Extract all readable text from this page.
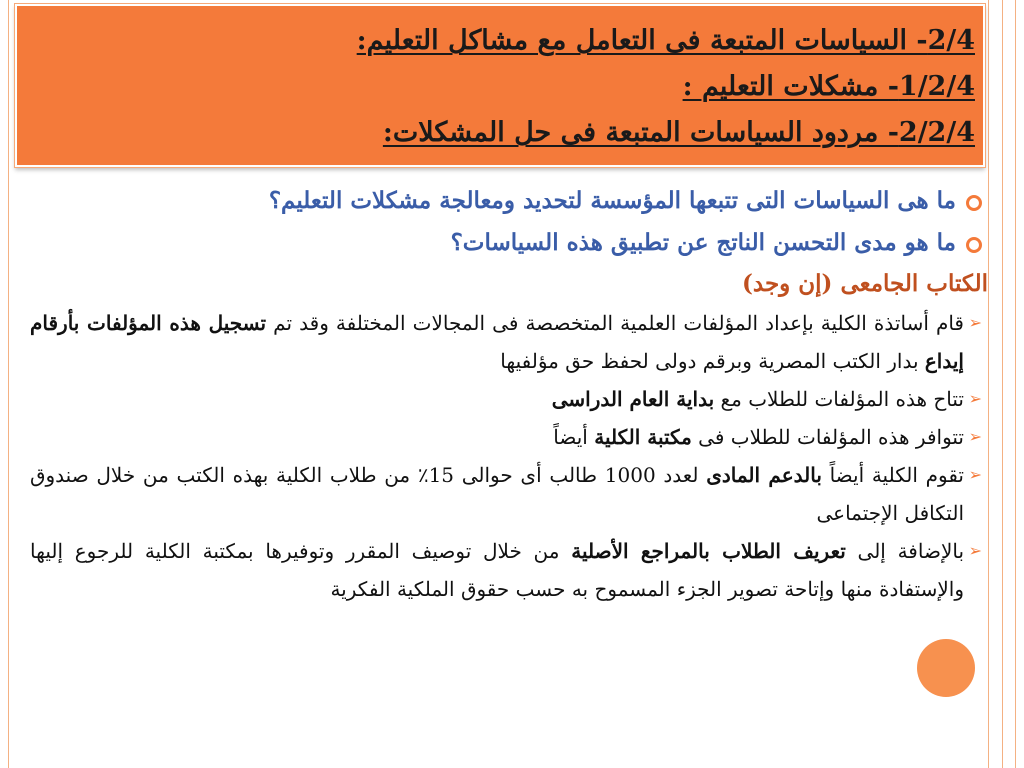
2/4- السياسات المتبعة فى التعامل مع مشاكل التعليم:
1/2/4- مشكلات التعليم :
2/2/4- مردود السياسات المتبعة فى حل المشكلات:
ما هى السياسات التى تتبعها المؤسسة لتحديد ومعالجة مشكلات التعليم؟
ما هو مدى التحسن الناتج عن تطبيق هذه السياسات؟
الكتاب الجامعى (إن وجد)
➢
قام أساتذة الكلية بإعداد المؤلفات العلمية المتخصصة فى المجالات المختلفة وقد تم تسجيل هذه المؤلفات بأرقام إيداع بدار الكتب المصرية وبرقم دولى لحفظ حق مؤلفيها
➢
تتاح هذه المؤلفات للطلاب مع بداية العام الدراسى
➢
تتوافر هذه المؤلفات للطلاب فى مكتبة الكلية أيضاً
➢
تقوم الكلية أيضاً بالدعم المادى لعدد 1000 طالب أى حوالى 15٪ من طلاب الكلية بهذه الكتب من خلال صندوق التكافل الإجتماعى
➢
بالإضافة إلى تعريف الطلاب بالمراجع الأصلية من خلال توصيف المقرر وتوفيرها بمكتبة الكلية للرجوع إليها والإستفادة منها وإتاحة تصوير الجزء المسموح به حسب حقوق الملكية الفكرية
